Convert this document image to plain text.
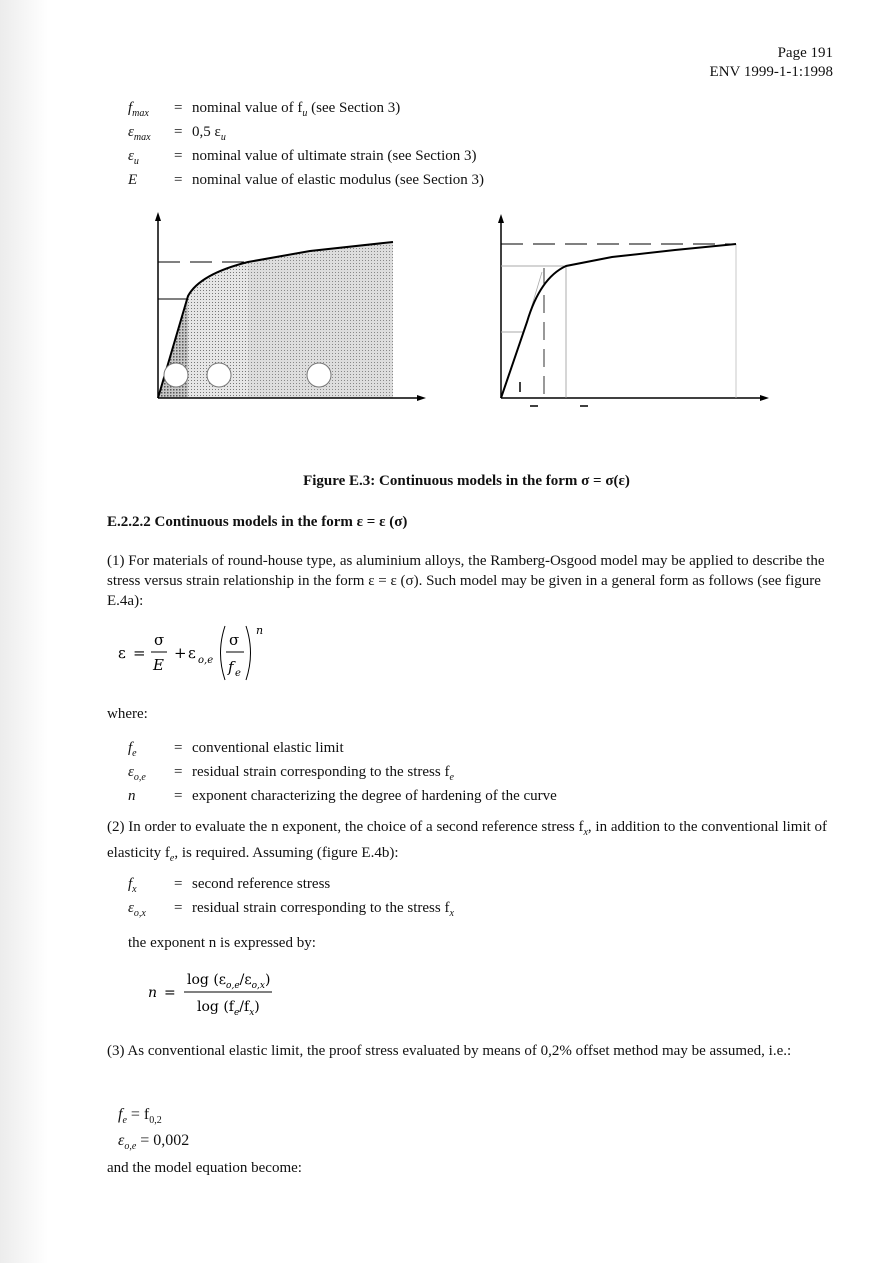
Page 191
ENV 1999-1-1:1998
$f_{max}$	= nominal value of $f_u$ (see Section 3)
$\varepsilon_{max}$	= 0,5 $\varepsilon_u$
$\varepsilon_u$	= nominal value of ultimate strain (see Section 3)
E	= nominal value of elastic modulus (see Section 3)
Figure E.3: Continuous models in the form σ = σ(ε)
E.2.2.2 Continuous models in the form ε = ε (σ)
(1) For materials of round-house type, as aluminium alloys, the Ramberg-Osgood model may be applied to describe the stress versus strain relationship in the form ε = ε (σ). Such model may be given in a general form as follows (see figure E.4a):
ε =
σ
E
+ ε o,e
σ
f e
n
where:
$f_e$	= conventional elastic limit
$\varepsilon_{o,e}$	= residual strain corresponding to the stress $f_e$
n	= exponent characterizing the degree of hardening of the curve
(2) In order to evaluate the n exponent, the choice of a second reference stress $f_x$, in addition to the conventional limit of elasticity $f_e$, is required. Assuming (figure E.4b):
$f_x$	= second reference stress
$\varepsilon_{o,x}$	= residual strain corresponding to the stress $f_x$
the exponent n is expressed by:
n =
$\log (\varepsilon_{o,e}/\varepsilon_{o,x})$
$\log (f_e/f_x)$
(3) As conventional elastic limit, the proof stress evaluated by means of 0,2% offset method may be assumed, i.e.:
$f_e = f_{0,2}$
$\varepsilon_{o,e} = 0,002$
and the model equation become:
